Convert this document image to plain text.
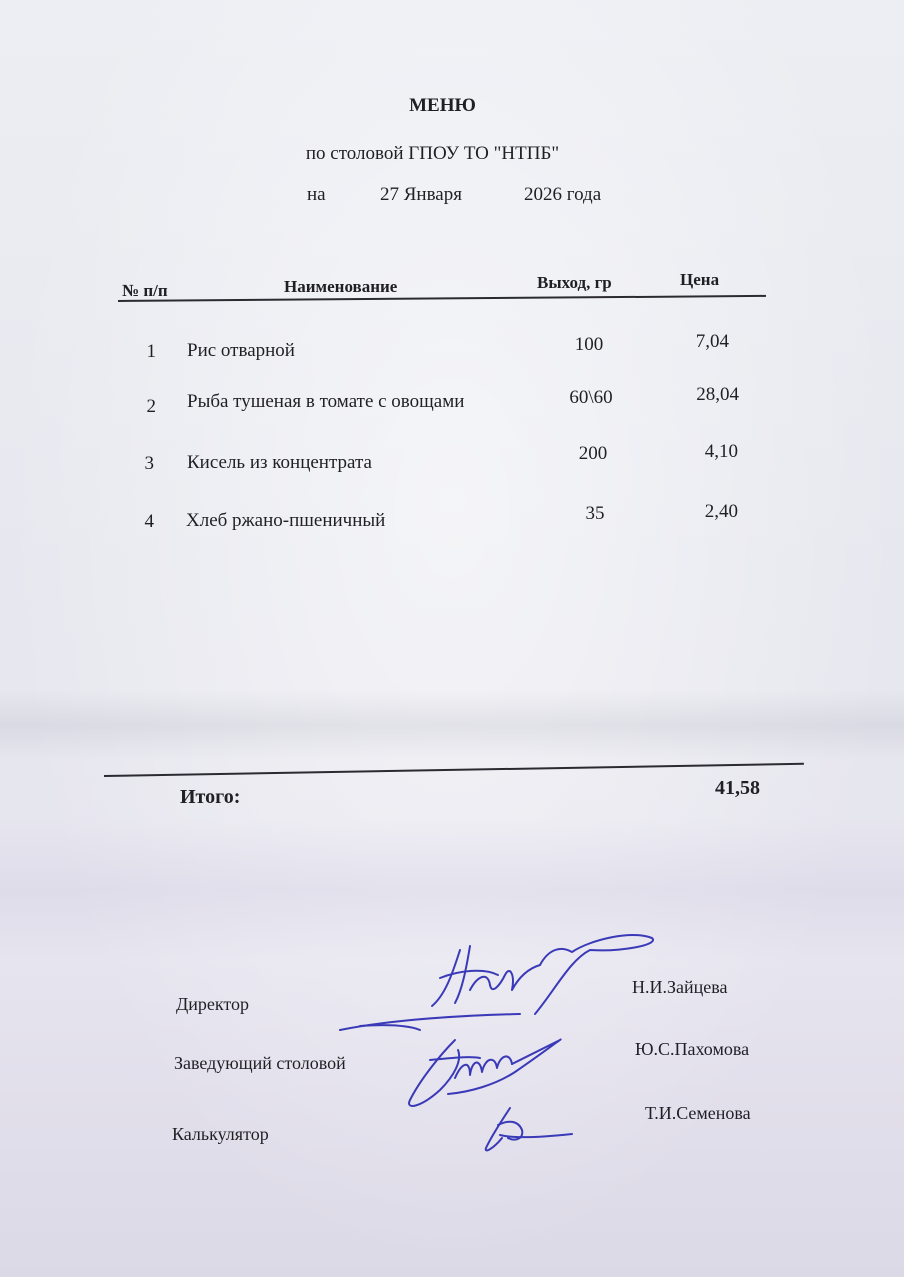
МЕНЮ
по столовой ГПОУ ТО "НТПБ"
на	27 Января	2026 года
№ п/п	Наименование	Выход, гр	Цена
1 Рис отварной	100	7,04
2 Рыба тушеная в томате с овощами	60\60	28,04
3 Кисель из концентрата	200	4,10
4 Хлеб ржано-пшеничный	35	2,40
Итого:	41,58
Директор
Н.И.Зайцева
Заведующий столовой
Ю.С.Пахомова
Калькулятор
Т.И.Семенова
